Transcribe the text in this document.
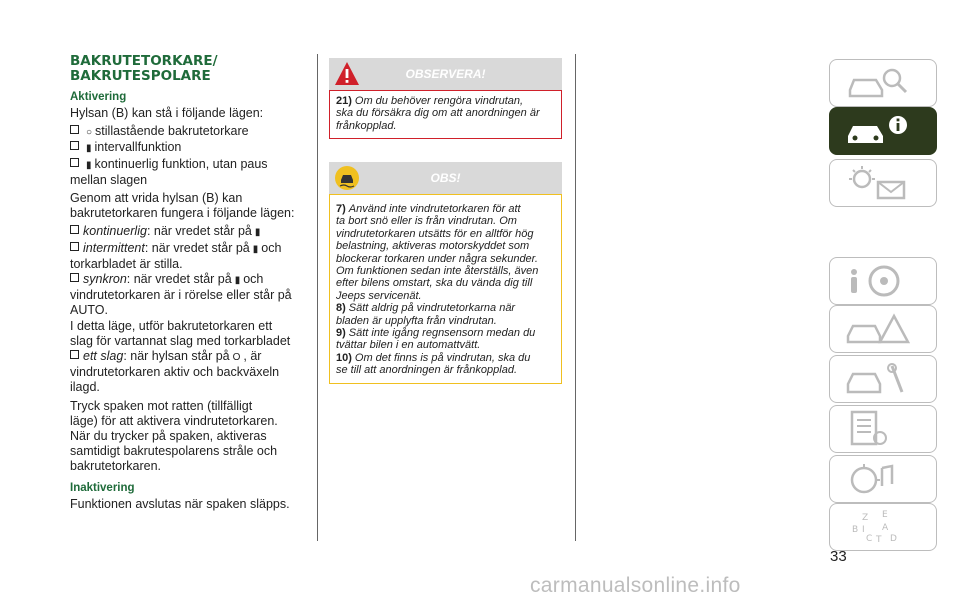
BAKRUTETORKARE/
BAKRUTESPOLARE
Aktivering
Hylsan (B) kan stå i följande lägen:
○ stillastående bakrutetorkare
▮ intervallfunktion
▮ kontinuerlig funktion, utan paus
mellan slagen
Genom att vrida hylsan (B) kan
bakrutetorkaren fungera i följande lägen:
kontinuerlig: när vredet står på ▮
intermittent: när vredet står på ▮ och
torkarbladet är stilla.
synkron: när vredet står på ▮ och
vindrutetorkaren är i rörelse eller står på
AUTO.
I detta läge, utför bakrutetorkaren ett
slag för vartannat slag med torkarbladet
ett slag: när hylsan står på O , är
vindrutetorkaren aktiv och backväxeln
ilagd.
Tryck spaken mot ratten (tillfälligt
läge) för att aktivera vindrutetorkaren.
När du trycker på spaken, aktiveras
samtidigt bakrutespolarens stråle och
bakrutetorkaren.
Inaktivering
Funktionen avslutas när spaken släpps.
OBSERVERA!

21) Om du behöver rengöra vindrutan,

ska du försäkra dig om att anordningen är

frånkopplad.

OBS!

7) Använd inte vindrutetorkaren för att

ta bort snö eller is från vindrutan. Om

vindrutetorkaren utsätts för en alltför hög

belastning, aktiveras motorskyddet som

blockerar torkaren under några sekunder.

Om funktionen sedan inte återställs, även

efter bilens omstart, ska du vända dig till

Jeeps servicenät.

8) Sätt aldrig på vindrutetorkarna när

bladen är upplyfta från vindrutan.

9) Sätt inte igång regnsensorn medan du

tvättar bilen i en automattvätt.

10) Om det finns is på vindrutan, ska du

se till att anordningen är frånkopplad.

Z E
B	A
C D
I
T
33
carmanualsonline.info
